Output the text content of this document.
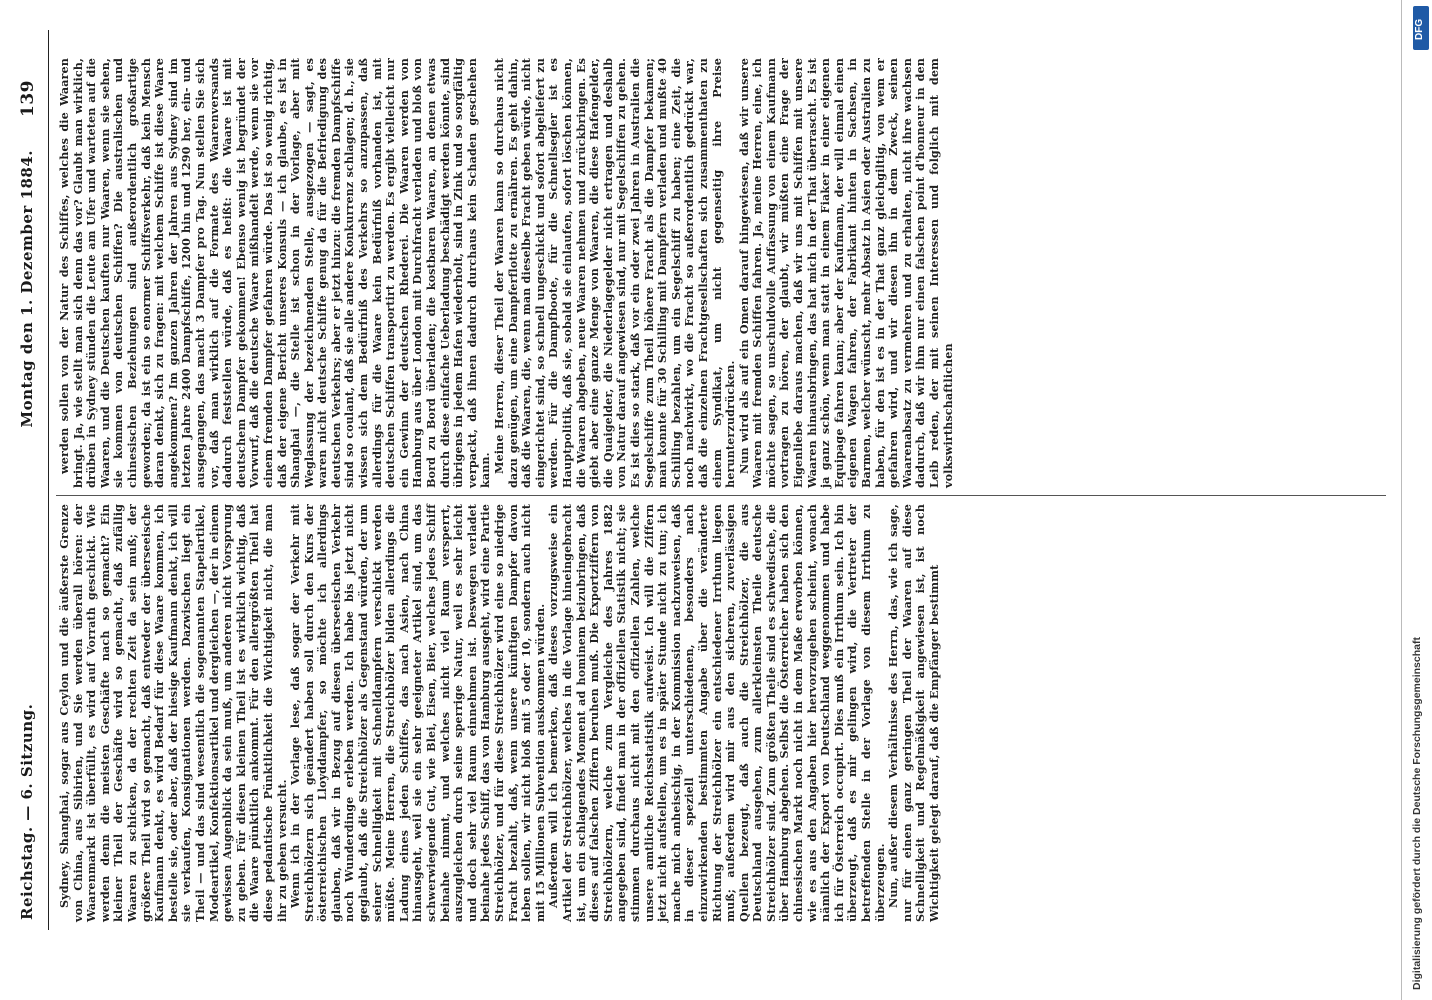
Reichstag. — 6. Sitzung.
Montag den 1. Dezember 1884.
139

Sydney, Shanghai, sogar aus Ceylon und die äußerste Grenze von China, aus Sibirien, und Sie werden überall hören: der Waarenmarkt ist überfüllt, es wird auf Vorrath geschickt. Wie werden denn die meisten Geschäfte nach so gemacht? Ein kleiner Theil der Geschäfte wird so gemacht, daß zufällig Waaren zu schicken, da der rechten Zeit da sein muß; der größere Theil wird so gemacht, daß entweder der überseeische Kaufmann denkt, es wird Bedarf für diese Waare kommen, ich bestelle sie, oder aber, daß der hiesige Kaufmann denkt, ich will sie verkaufen, Konsignationen werden. Dazwischen liegt ein Theil — und das sind wesentlich die sogenannten Stapelartikel, Modeartikel, Konfektionsartikel und dergleichen —, der in einem gewissen Augenblick da sein muß, um anderen nicht Vorsprung zu geben. Für diesen kleinen Theil ist es wirklich wichtig, daß die Waare pünktlich ankommt. Für den allergrößten Theil hat diese pedantische Pünktlichkeit die Wichtigkeit nicht, die man ihr zu geben versucht. Wenn ich in der Vorlage lese, daß sogar der Verkehr mit Streichhölzern sich geändert haben soll durch den Kurs der österreichischen Lloyddampfer, so möchte ich allerdings glauben, daß wir in Bezug auf diesen überseeischen Verkehr noch Wunderdinge erleben werden. Ich habe bis jetzt nicht geglaubt, daß die Streichhölzer als Gegenstand würden, der um seiner Schnelligkeit mit Schnelldampfern verschickt werden müßte. Meine Herren, die Streichhölzer bilden allerdings die Ladung eines jeden Schiffes, das nach Asien, nach China hinausgeht, weil sie ein sehr geeigneter Artikel sind, um das schwerwiegende Gut, wie Blei, Eisen, Bier, welches jedes Schiff beinahe nimmt, und welches nicht viel Raum versperrt, auszugleichen durch seine sperrige Natur, weil es sehr leicht und doch sehr viel Raum einnehmen ist. Deswegen verladet beinahe jedes Schiff, das von Hamburg ausgeht, wird eine Partie Streichhölzer, und für diese Streichhölzer wird eine so niedrige Fracht bezahlt, daß, wenn unsere künftigen Dampfer davon leben sollen, wir nicht bloß mit 5 oder 10, sondern auch nicht mit 15 Millionen Subvention auskommen würden. Außerdem will ich bemerken, daß dieses vorzugsweise ein Artikel der Streichhölzer, welches in die Vorlage hineingebracht ist, um ein schlagendes Moment ad hominem beizubringen, daß dieses auf falschen Ziffern beruhen muß. Die Exportziffern von Streichhölzern, welche zum Vergleiche des Jahres 1882 angegeben sind, findet man in der offiziellen Statistik nicht; sie stimmen durchaus nicht mit den offiziellen Zahlen, welche unsere amtliche Reichsstatistik aufweist. Ich will die Ziffern jetzt nicht aufstellen, um es in später Stunde nicht zu tun; ich mache mich anheischig, in der Kommission nachzuweisen, daß in dieser speziell unterschiedenen, besonders nach einzuwirkenden bestimmten Angabe über die veränderte Richtung der Streichhölzer ein entschiedener Irrthum liegen muß; außerdem wird mir aus den sicheren, zuverlässigen Quellen bezeugt, daß auch die Streichhölzer, die aus Deutschland ausgehen, zum allerkleinsten Theile deutsche Streichhölzer sind. Zum größten Theile sind es schwedische, die über Hamburg abgehen. Selbst die Österreicher haben sich den chinesischen Markt noch nicht in dem Maße erworben können, wie es aus den Angaben hier hervorzugehen scheint, wonach nämlich der Export von Deutschland weggenommen und habe ich für Österreich occupirt. Dies muß ein Irrthum sein. Ich bin überzeugt, daß es mir gelingen wird, die Vertreter der betreffenden Stelle in der Vorlage von diesem Irrthum zu überzeugen. Nun, außer diesem Verhältnisse des Herrn, das, wie ich sage, nur für einen ganz geringen Theil der Waaren auf diese Schnelligkeit und Regelmäßigkeit angewiesen ist, ist noch Wichtigkeit gelegt darauf, daß die Empfänger bestimmt

werden sollen von der Natur des Schiffes, welches die Waaren bringt. Ja, wie stellt man sich denn das vor? Glaubt man wirklich, drüben in Sydney stünden die Leute am Ufer und warteten auf die Waaren, und die Deutschen kauften nur Waaren, wenn sie sehen, sie kommen von deutschen Schiffen? Die australischen und chinesischen Beziehungen sind außerordentlich großartige geworden; da ist ein so enormer Schiffsverkehr, daß kein Mensch daran denkt, sich zu fragen: mit welchem Schiffe ist diese Waare angekommen? Im ganzen Jahren der Jahren aus Sydney sind im letzten Jahre 2400 Dampfschiffe, 1200 hin und 1290 her, ein- und ausgegangen, das macht 3 Dampfer pro Tag. Nun stellen Sie sich vor, daß man wirklich auf die Formate des Waarenversands dadurch feststellen würde, daß es heißt: die Waare ist mit deutschem Dampfer gekommen! Ebenso wenig ist begründet der Vorwurf, daß die deutsche Waare mißhandelt werde, wenn sie vor einem fremden Dampfer gefahren würde. Das ist so wenig richtig, daß der eigene Bericht unseres Konsuls — ich glaube, es ist in Shanghai —, die Stelle ist schon in der Vorlage, aber mit Weglassung der bezeichnenden Stelle, ausgezogen — sagt, es waren nicht deutsche Schiffe genug da für die Befriedigung des deutschen Verkehrs; aber er jetzt hinzu: die fremden Dampfschiffe sind so coulant, daß sie alle andere Konkurrenz schlagen; d. h., sie wissen sich dem Bedürfniß des Verkehrs so anzupassen, daß allerdings für die Waare kein Bedürfniß vorhanden ist, mit deutschen Schiffen transportirt zu werden. Es ergibt vielleicht nur ein Gewinn der deutschen Rhederei. Die Waaren werden von Hamburg aus über London mit Durchfracht verladen und bloß von Bord zu Bord überladen; die kostbaren Waaren, an denen etwas durch diese einfache Ueberladung beschädigt werden könnte, sind übrigens in jedem Hafen wiederholt, sind in Zink und so sorgfältig verpackt, daß ihnen dadurch durchaus kein Schaden geschehen kann. Meine Herren, dieser Theil der Waaren kann so durchaus nicht dazu genügen, um eine Dampferflotte zu ernähren. Es geht dahin, daß die Waaren, die, wenn man dieselbe Fracht geben würde, nicht eingerichtet sind, so schnell ungeschickt und sofort abgeliefert zu werden. Für die Dampfboote, für die Schnellsegler ist es Hauptpolitik, daß sie, sobald sie einlaufen, sofort löschen können, die Waaren abgeben, neue Waaren nehmen und zurückbringen. Es giebt aber eine ganze Menge von Waaren, die diese Hafengelder, die Quaigelder, die Niederlagegelder nicht ertragen und deshalb von Natur darauf angewiesen sind, nur mit Segelschiffen zu gehen. Es ist dies so stark, daß vor ein oder zwei Jahren in Australien die Segelschiffe zum Theil höhere Fracht als die Dampfer bekamen; man konnte für 30 Schilling mit Dampfern verladen und mußte 40 Schilling bezahlen, um ein Segelschiff zu haben; eine Zeit, die noch nachwirkt, wo die Fracht so außerordentlich gedrückt war, daß die einzelnen Frachtgesellschaften sich zusammenthaten zu einem Syndikat, um nicht gegenseitig ihre Preise herunterzudrücken. Nun wird als auf ein Omen darauf hingewiesen, daß wir unsere Waaren mit fremden Schiffen fahren. Ja, meine Herren, eine, ich möchte sagen, so unschuldvolle Auffassung von einem Kaufmann vortragen zu hören, der glaubt, wir müßten eine Frage der Eigenliebe daraus machen, daß wir uns mit Schiffen mit unsere Waaren hinausbringen, das hat mich in der That überrascht. Es ist ja ganz schön, wenn man statt in einem Fiaker in einer eigenen Equipage fahren kann; aber der Kaufmann, der will einmal einen eigenen Wagen fahren, der Fabrikant hinten in Sachsen, in Barmen, welcher wünscht, mehr Absatz in Asien oder Australien zu haben, für den ist es in der That ganz gleichgiltig, von wem er gefahren wird, und wir diesen ihn in dem Zweck, seinen Waarenabsatz zu vermehren und zu erhalten, nicht ihre wachsen dadurch, daß wir ihm nur einen falschen point d'honneur in den Leib reden, der mit seinen Interessen und folglich mit dem volkswirthschaftlichen

Digitalisierung gefördert durch die Deutsche Forschungsgemeinschaft
DFG
